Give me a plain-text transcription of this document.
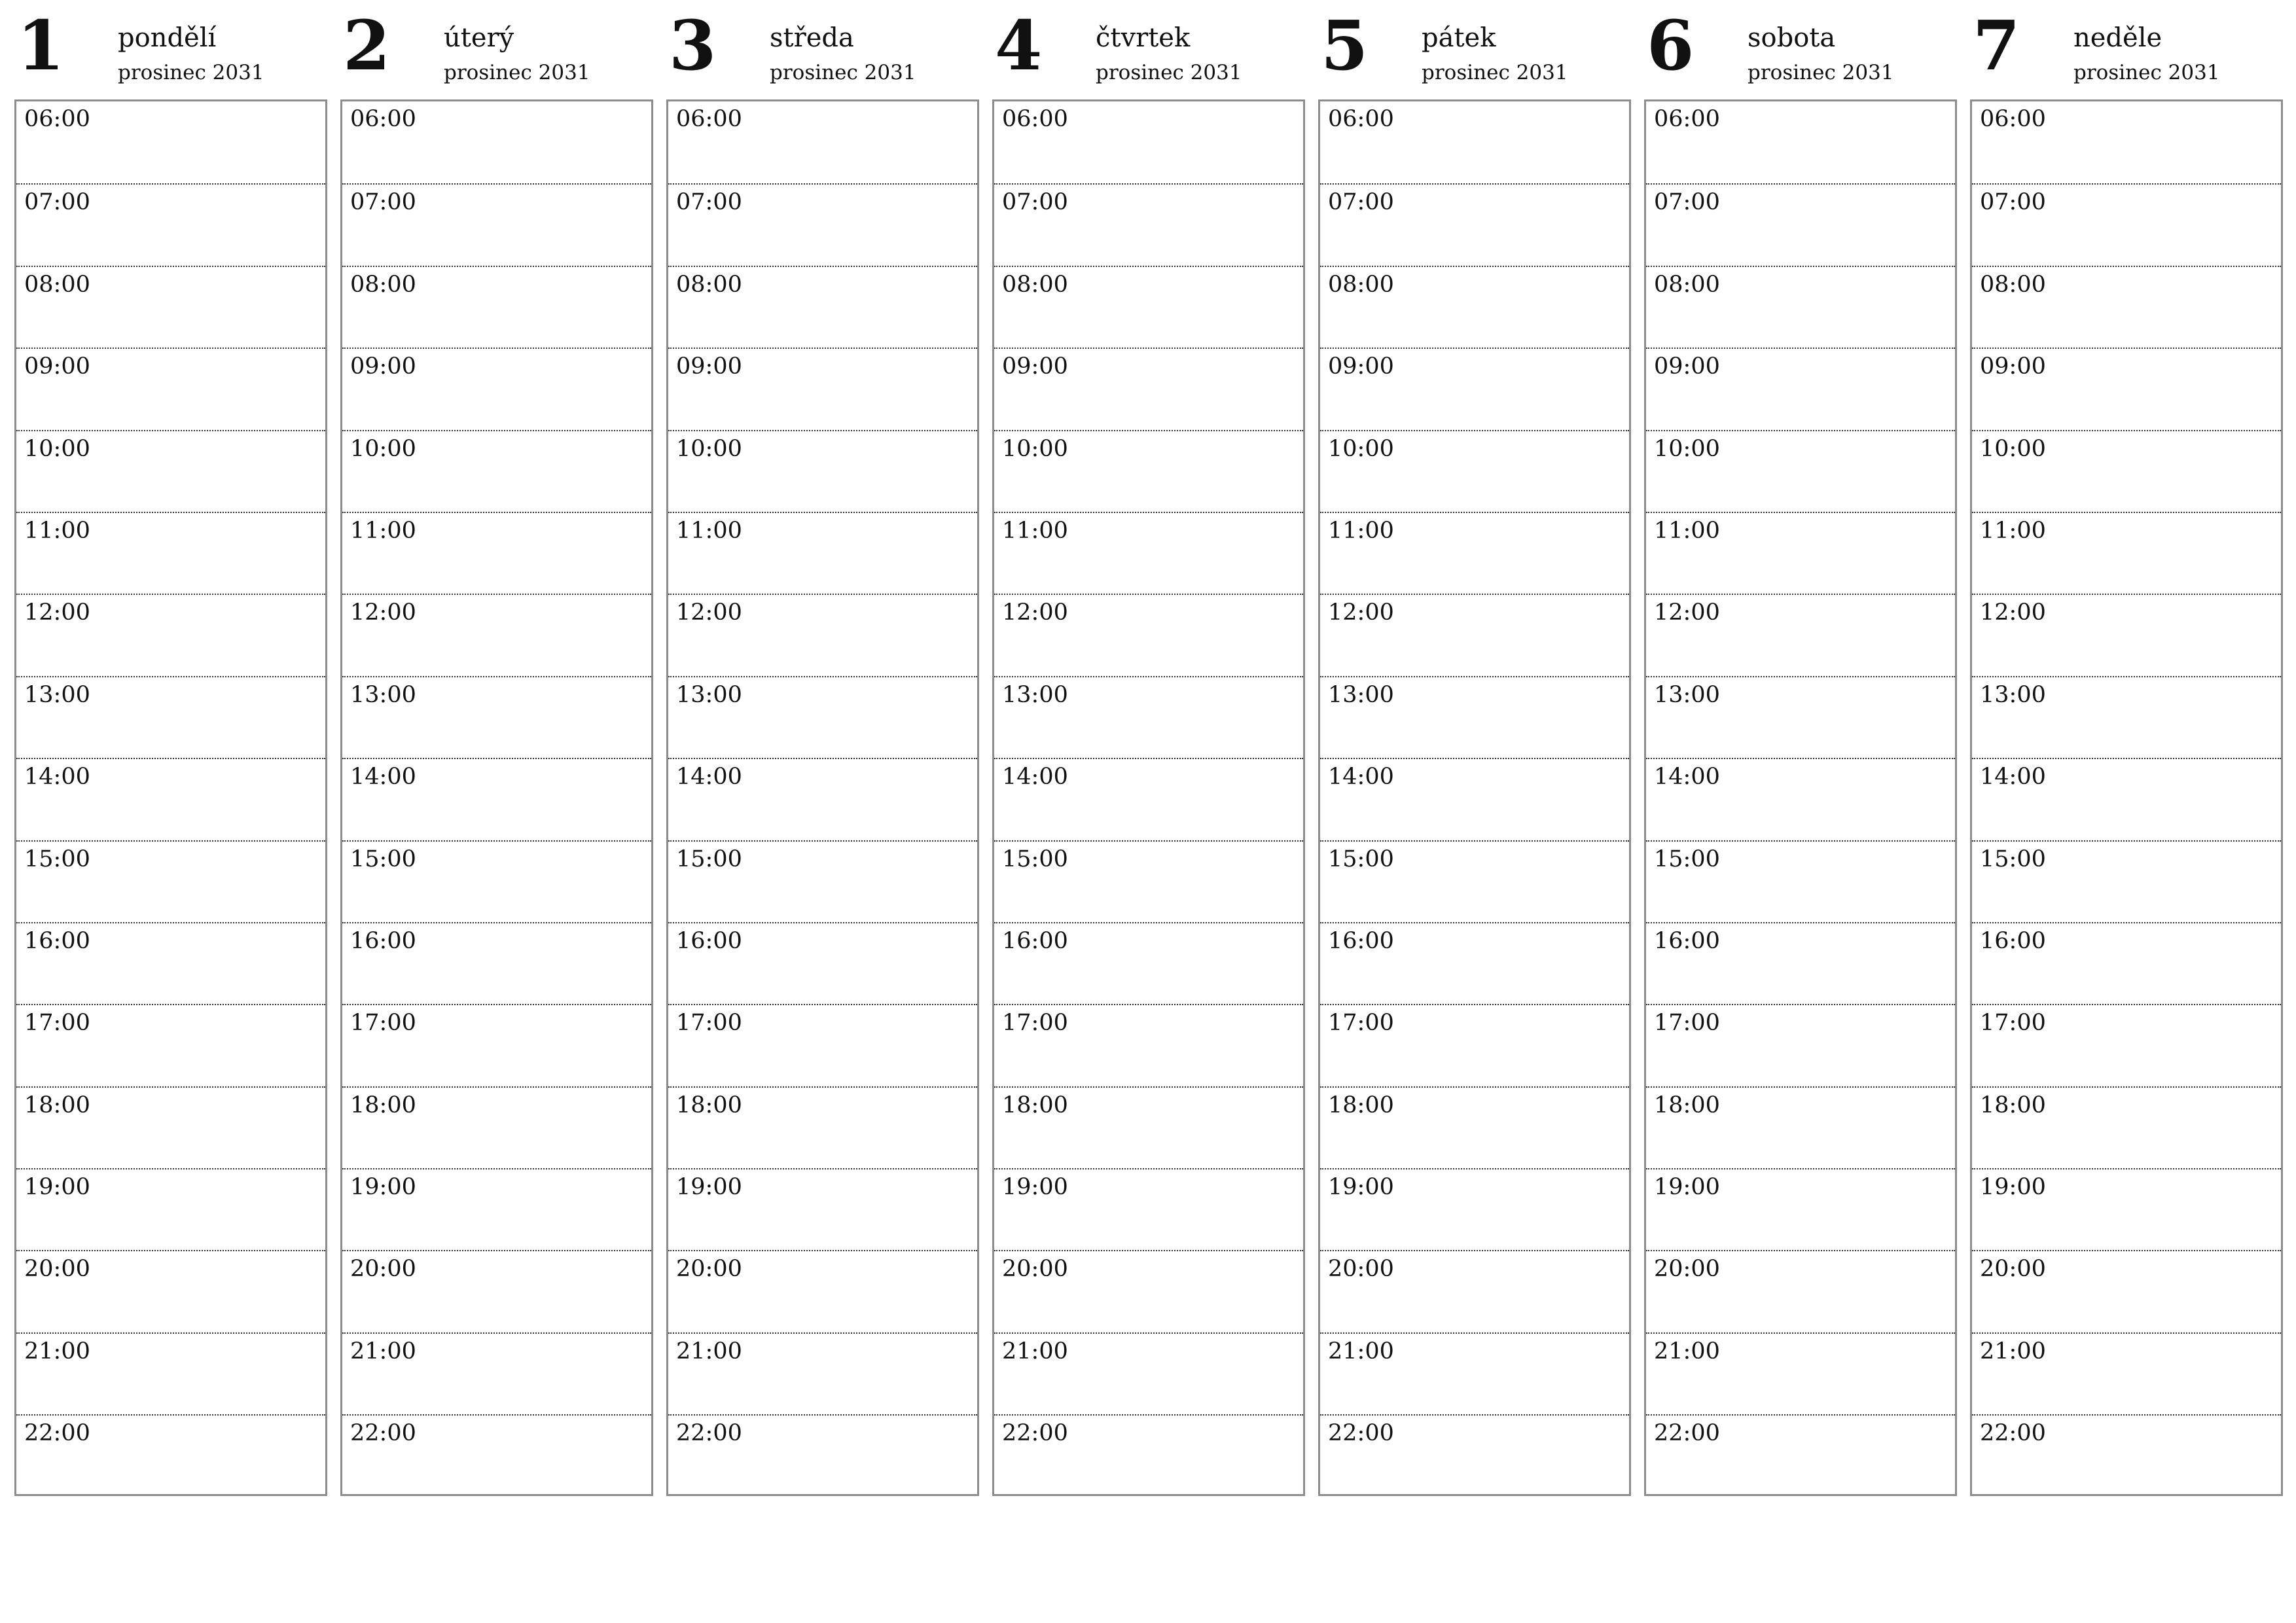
1 pondělí
prosinec 2031
06:00
07:00
08:00
09:00
10:00
11:00
12:00
13:00
14:00
15:00
16:00
17:00
18:00
19:00
20:00
21:00
22:00
2 úterý
prosinec 2031
06:00
07:00
08:00
09:00
10:00
11:00
12:00
13:00
14:00
15:00
16:00
17:00
18:00
19:00
20:00
21:00
22:00
3 středa
prosinec 2031
06:00
07:00
08:00
09:00
10:00
11:00
12:00
13:00
14:00
15:00
16:00
17:00
18:00
19:00
20:00
21:00
22:00
4 čtvrtek
prosinec 2031
06:00
07:00
08:00
09:00
10:00
11:00
12:00
13:00
14:00
15:00
16:00
17:00
18:00
19:00
20:00
21:00
22:00
5 pátek
prosinec 2031
06:00
07:00
08:00
09:00
10:00
11:00
12:00
13:00
14:00
15:00
16:00
17:00
18:00
19:00
20:00
21:00
22:00
6 sobota
prosinec 2031
06:00
07:00
08:00
09:00
10:00
11:00
12:00
13:00
14:00
15:00
16:00
17:00
18:00
19:00
20:00
21:00
22:00
7 neděle
prosinec 2031
06:00
07:00
08:00
09:00
10:00
11:00
12:00
13:00
14:00
15:00
16:00
17:00
18:00
19:00
20:00
21:00
22:00
